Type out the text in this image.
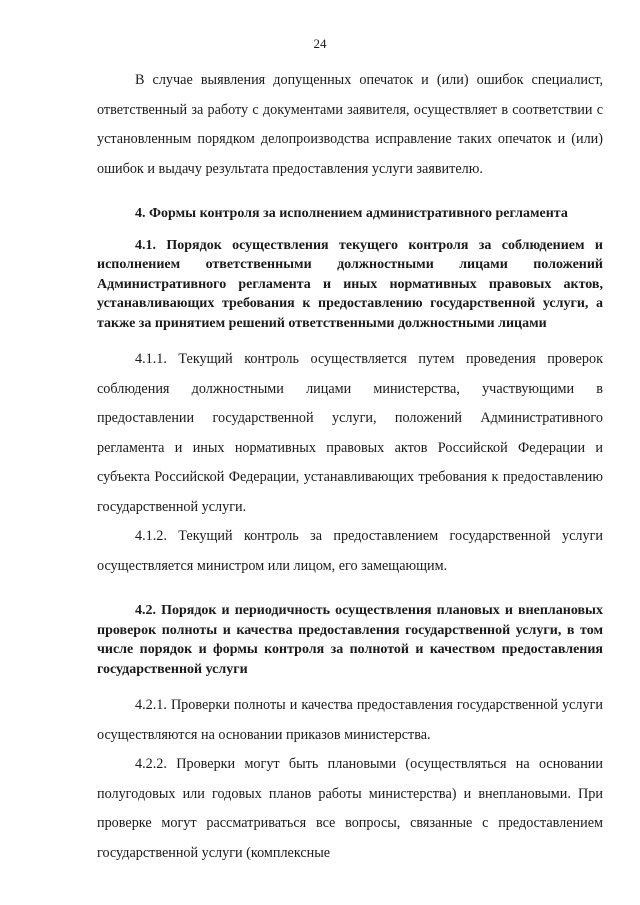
24

В случае выявления допущенных опечаток и (или) ошибок специалист, ответственный за работу с документами заявителя, осуществляет в соответствии с установленным порядком делопроизводства исправление таких опечаток и (или) ошибок и выдачу результата предоставления услуги заявителю.

4. Формы контроля за исполнением административного регламента
4.1. Порядок осуществления текущего контроля за соблюдением и исполнением ответственными должностными лицами положений Административного регламента и иных нормативных правовых актов, устанавливающих требования к предоставлению государственной услуги, а также за принятием решений ответственными должностными лицами

4.1.1. Текущий контроль осуществляется путем проведения проверок соблюдения должностными лицами министерства, участвующими в предоставлении государственной услуги, положений Административного регламента и иных нормативных правовых актов Российской Федерации и субъекта Российской Федерации, устанавливающих требования к предоставлению государственной услуги.

4.1.2. Текущий контроль за предоставлением государственной услуги осуществляется министром или лицом, его замещающим.

4.2. Порядок и периодичность осуществления плановых и внеплановых проверок полноты и качества предоставления государственной услуги, в том числе порядок и формы контроля за полнотой и качеством предоставления государственной услуги

4.2.1. Проверки полноты и качества предоставления государственной услуги осуществляются на основании приказов министерства.

4.2.2. Проверки могут быть плановыми (осуществляться на основании полугодовых или годовых планов работы министерства) и внеплановыми. При проверке могут рассматриваться все вопросы, связанные с предоставлением государственной услуги (комплексные
